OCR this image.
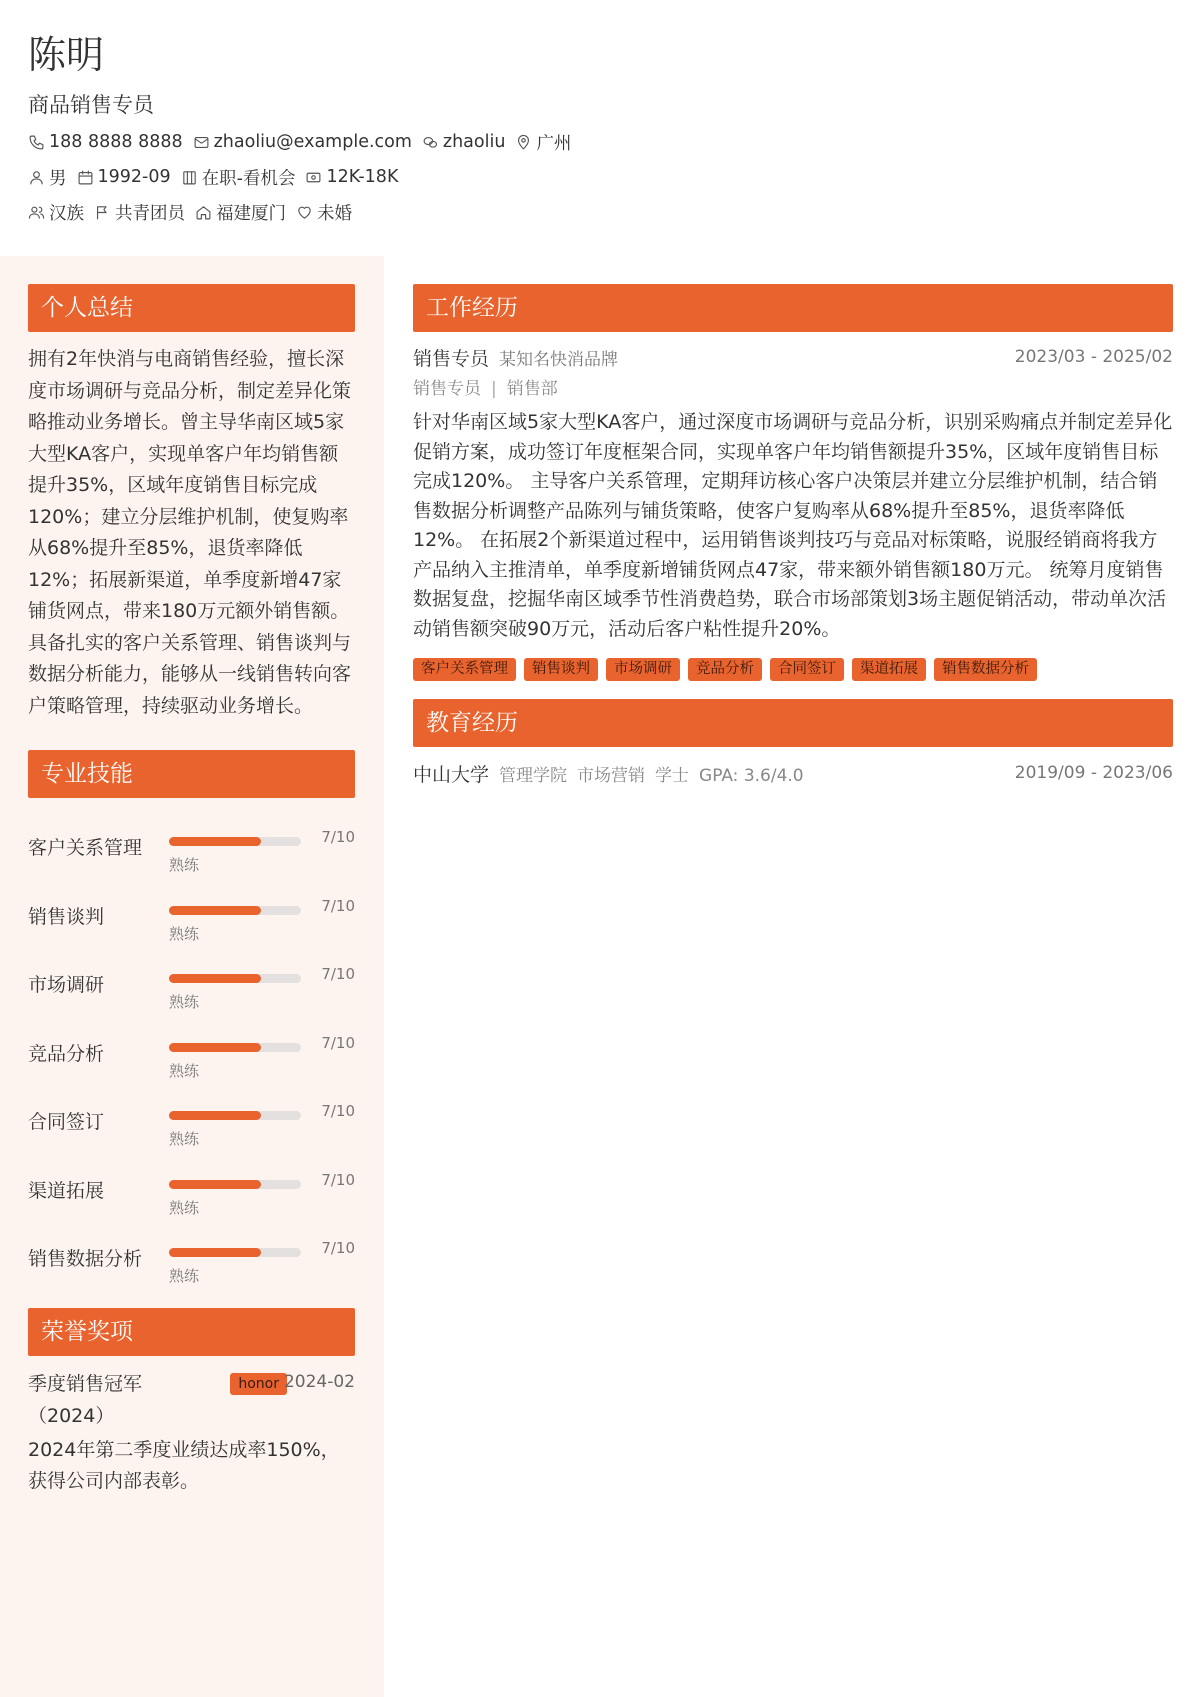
陈明
商品销售专员
188 8888 8888 zhaoliu@example.com zhaoliu 广州
男 1992-09 在职-看机会 12K-18K
汉族 共青团员 福建厦门 未婚
个人总结

拥有2年快消与电商销售经验，擅长深度市场调研与竞品分析，制定差异化策略推动业务增长。曾主导华南区域5家大型KA客户，实现单客户年均销售额提升35%，区域年度销售目标完成120%；建立分层维护机制，使复购率从68%提升至85%，退货率降低12%；拓展新渠道，单季度新增47家铺货网点，带来180万元额外销售额。具备扎实的客户关系管理、销售谈判与数据分析能力，能够从一线销售转向客户策略管理，持续驱动业务增长。

专业技能
客户关系管理	7/10
熟练
销售谈判	7/10
熟练
市场调研	7/10
熟练
竞品分析	7/10
熟练
合同签订	7/10
熟练
渠道拓展	7/10
熟练
销售数据分析	7/10
熟练
荣誉奖项
季度销售冠军（2024）
honor 2024-02

2024年第二季度业绩达成率150%，获得公司内部表彰。

工作经历
销售专员 某知名快消品牌	2023/03 - 2025/02
销售专员 | 销售部

针对华南区域5家大型KA客户，通过深度市场调研与竞品分析，识别采购痛点并制定差异化促销方案，成功签订年度框架合同，实现单客户年均销售额提升35%，区域年度销售目标完成120%。 主导客户关系管理，定期拜访核心客户决策层并建立分层维护机制，结合销售数据分析调整产品陈列与铺货策略，使客户复购率从68%提升至85%，退货率降低12%。 在拓展2个新渠道过程中，运用销售谈判技巧与竞品对标策略，说服经销商将我方产品纳入主推清单，单季度新增铺货网点47家，带来额外销售额180万元。 统筹月度销售数据复盘，挖掘华南区域季节性消费趋势，联合市场部策划3场主题促销活动，带动单次活动销售额突破90万元，活动后客户粘性提升20%。

客户关系管理	销售谈判	市场调研	竞品分析	合同签订	渠道拓展	销售数据分析
教育经历
中山大学 管理学院 市场营销 学士 GPA: 3.6/4.0	2019/09 - 2023/06
